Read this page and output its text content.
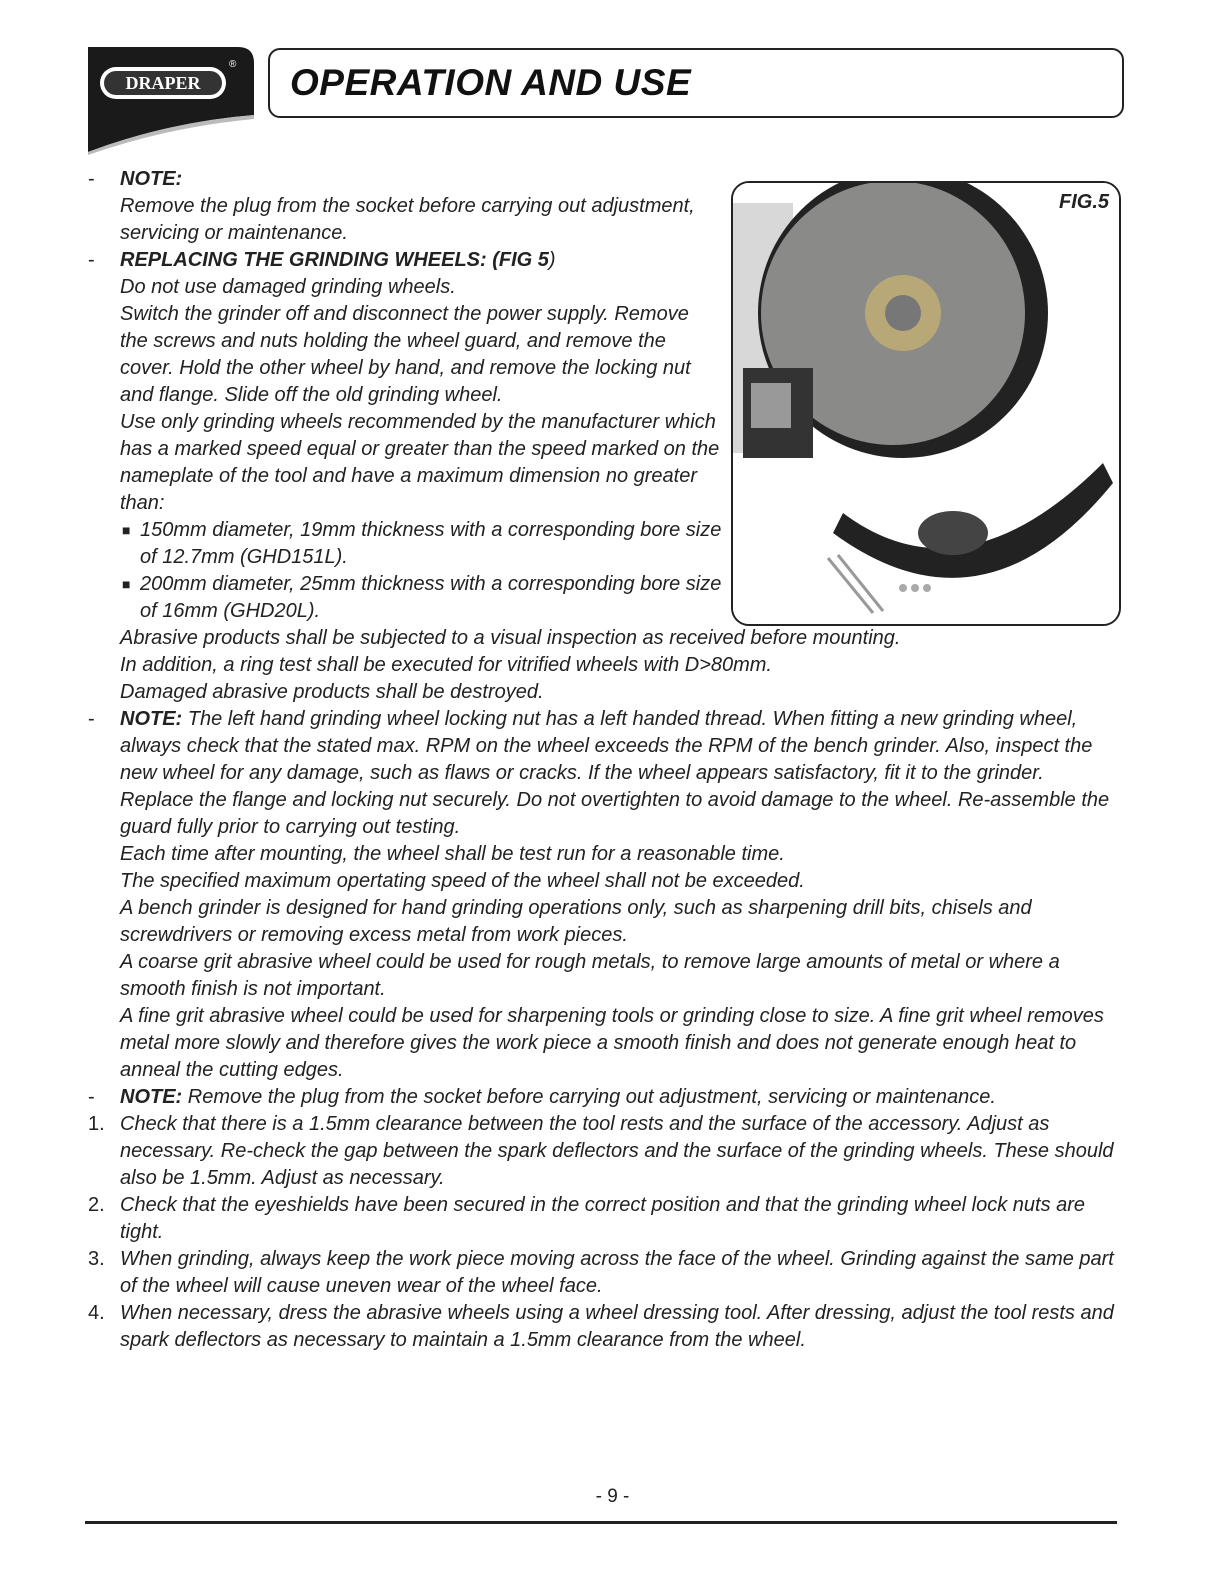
DRAPER
® OPERATION AND USE
FIG.5
- NOTE:

Remove the plug from the socket before carrying out adjustment, servicing or maintenance.

- REPLACING THE GRINDING WHEELS: (FIG 5)

Do not use damaged grinding wheels.

Switch the grinder off and disconnect the power supply. Remove the screws and nuts holding the wheel guard, and remove the cover. Hold the other wheel by hand, and remove the locking nut and flange. Slide off the old grinding wheel.

Use only grinding wheels recommended by the manufacturer which has a marked speed equal or greater than the speed marked on the nameplate of the tool and have a maximum dimension no greater than:

■ 150mm diameter, 19mm thickness with a corresponding bore size of 12.7mm (GHD151L).
■ 200mm diameter, 25mm thickness with a corresponding bore size of 16mm (GHD20L).

Abrasive products shall be subjected to a visual inspection as received before mounting.

In addition, a ring test shall be executed for vitrified wheels with D>80mm.

Damaged abrasive products shall be destroyed.

- NOTE: The left hand grinding wheel locking nut has a left handed thread. When fitting a new grinding wheel, always check that the stated max. RPM on the wheel exceeds the RPM of the bench grinder. Also, inspect the new wheel for any damage, such as flaws or cracks. If the wheel appears satisfactory, fit it to the grinder.

Replace the flange and locking nut securely. Do not overtighten to avoid damage to the wheel. Re-assemble the guard fully prior to carrying out testing.

Each time after mounting, the wheel shall be test run for a reasonable time.

The specified maximum opertating speed of the wheel shall not be exceeded.

A bench grinder is designed for hand grinding operations only, such as sharpening drill bits, chisels and screwdrivers or removing excess metal from work pieces.

A coarse grit abrasive wheel could be used for rough metals, to remove large amounts of metal or where a smooth finish is not important.

A fine grit abrasive wheel could be used for sharpening tools or grinding close to size. A fine grit wheel removes metal more slowly and therefore gives the work piece a smooth finish and does not generate enough heat to anneal the cutting edges.

- NOTE: Remove the plug from the socket before carrying out adjustment, servicing or maintenance.

1. Check that there is a 1.5mm clearance between the tool rests and the surface of the accessory. Adjust as necessary. Re-check the gap between the spark deflectors and the surface of the grinding wheels. These should also be 1.5mm. Adjust as necessary.

2. Check that the eyeshields have been secured in the correct position and that the grinding wheel lock nuts are tight.

3. When grinding, always keep the work piece moving across the face of the wheel. Grinding against the same part of the wheel will cause uneven wear of the wheel face.

4. When necessary, dress the abrasive wheels using a wheel dressing tool. After dressing, adjust the tool rests and spark deflectors as necessary to maintain a 1.5mm clearance from the wheel.

- 9 -
